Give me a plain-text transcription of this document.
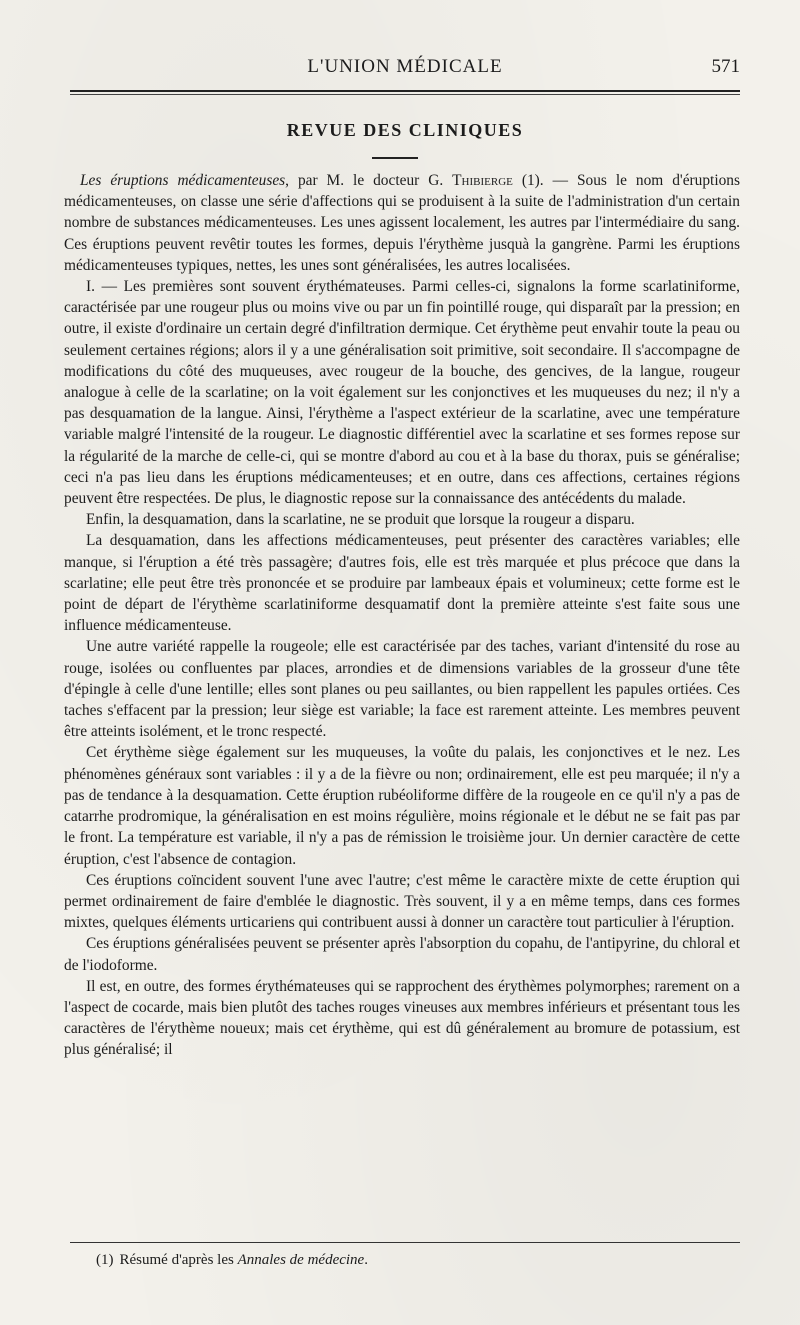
L'UNION MÉDICALE	571
REVUE DES CLINIQUES

Les éruptions médicamenteuses, par M. le docteur G. Thibierge (1). — Sous le nom d'éruptions médicamenteuses, on classe une série d'affections qui se produisent à la suite de l'administration d'un certain nombre de substances médicamenteuses. Les unes agissent localement, les autres par l'intermédiaire du sang. Ces éruptions peuvent revêtir toutes les formes, depuis l'érythème jusquà la gangrène. Parmi les éruptions médicamenteuses typiques, nettes, les unes sont généralisées, les autres localisées.

I. — Les premières sont souvent érythémateuses. Parmi celles-ci, signalons la forme scarlatiniforme, caractérisée par une rougeur plus ou moins vive ou par un fin pointillé rouge, qui disparaît par la pression; en outre, il existe d'ordinaire un certain degré d'infiltration dermique. Cet érythème peut envahir toute la peau ou seulement certaines régions; alors il y a une généralisation soit primitive, soit secondaire. Il s'accompagne de modifications du côté des muqueuses, avec rougeur de la bouche, des gencives, de la langue, rougeur analogue à celle de la scarlatine; on la voit également sur les conjonctives et les muqueuses du nez; il n'y a pas desquamation de la langue. Ainsi, l'érythème a l'aspect extérieur de la scarlatine, avec une température variable malgré l'intensité de la rougeur. Le diagnostic différentiel avec la scarlatine et ses formes repose sur la régularité de la marche de celle-ci, qui se montre d'abord au cou et à la base du thorax, puis se généralise; ceci n'a pas lieu dans les éruptions médicamenteuses; et en outre, dans ces affections, certaines régions peuvent être respectées. De plus, le diagnostic repose sur la connaissance des antécédents du malade.

Enfin, la desquamation, dans la scarlatine, ne se produit que lorsque la rougeur a disparu.

La desquamation, dans les affections médicamenteuses, peut présenter des caractères variables; elle manque, si l'éruption a été très passagère; d'autres fois, elle est très marquée et plus précoce que dans la scarlatine; elle peut être très prononcée et se produire par lambeaux épais et volumineux; cette forme est le point de départ de l'érythème scarlatiniforme desquamatif dont la première atteinte s'est faite sous une influence médicamenteuse.

Une autre variété rappelle la rougeole; elle est caractérisée par des taches, variant d'intensité du rose au rouge, isolées ou confluentes par places, arrondies et de dimensions variables de la grosseur d'une tête d'épingle à celle d'une lentille; elles sont planes ou peu saillantes, ou bien rappellent les papules ortiées. Ces taches s'effacent par la pression; leur siège est variable; la face est rarement atteinte. Les membres peuvent être atteints isolément, et le tronc respecté.

Cet érythème siège également sur les muqueuses, la voûte du palais, les conjonctives et le nez. Les phénomènes généraux sont variables : il y a de la fièvre ou non; ordinairement, elle est peu marquée; il n'y a pas de tendance à la desquamation. Cette éruption rubéoliforme diffère de la rougeole en ce qu'il n'y a pas de catarrhe prodromique, la généralisation en est moins régulière, moins régionale et le début ne se fait pas par le front. La température est variable, il n'y a pas de rémission le troisième jour. Un dernier caractère de cette éruption, c'est l'absence de contagion.

Ces éruptions coïncident souvent l'une avec l'autre; c'est même le caractère mixte de cette éruption qui permet ordinairement de faire d'emblée le diagnostic. Très souvent, il y a en même temps, dans ces formes mixtes, quelques éléments urticariens qui contribuent aussi à donner un caractère tout particulier à l'éruption.

Ces éruptions généralisées peuvent se présenter après l'absorption du copahu, de l'antipyrine, du chloral et de l'iodoforme.

Il est, en outre, des formes érythémateuses qui se rapprochent des érythèmes polymorphes; rarement on a l'aspect de cocarde, mais bien plutôt des taches rouges vineuses aux membres inférieurs et présentant tous les caractères de l'érythème noueux; mais cet érythème, qui est dû généralement au bromure de potassium, est plus généralisé; il

(1) Résumé d'après les Annales de médecine.
